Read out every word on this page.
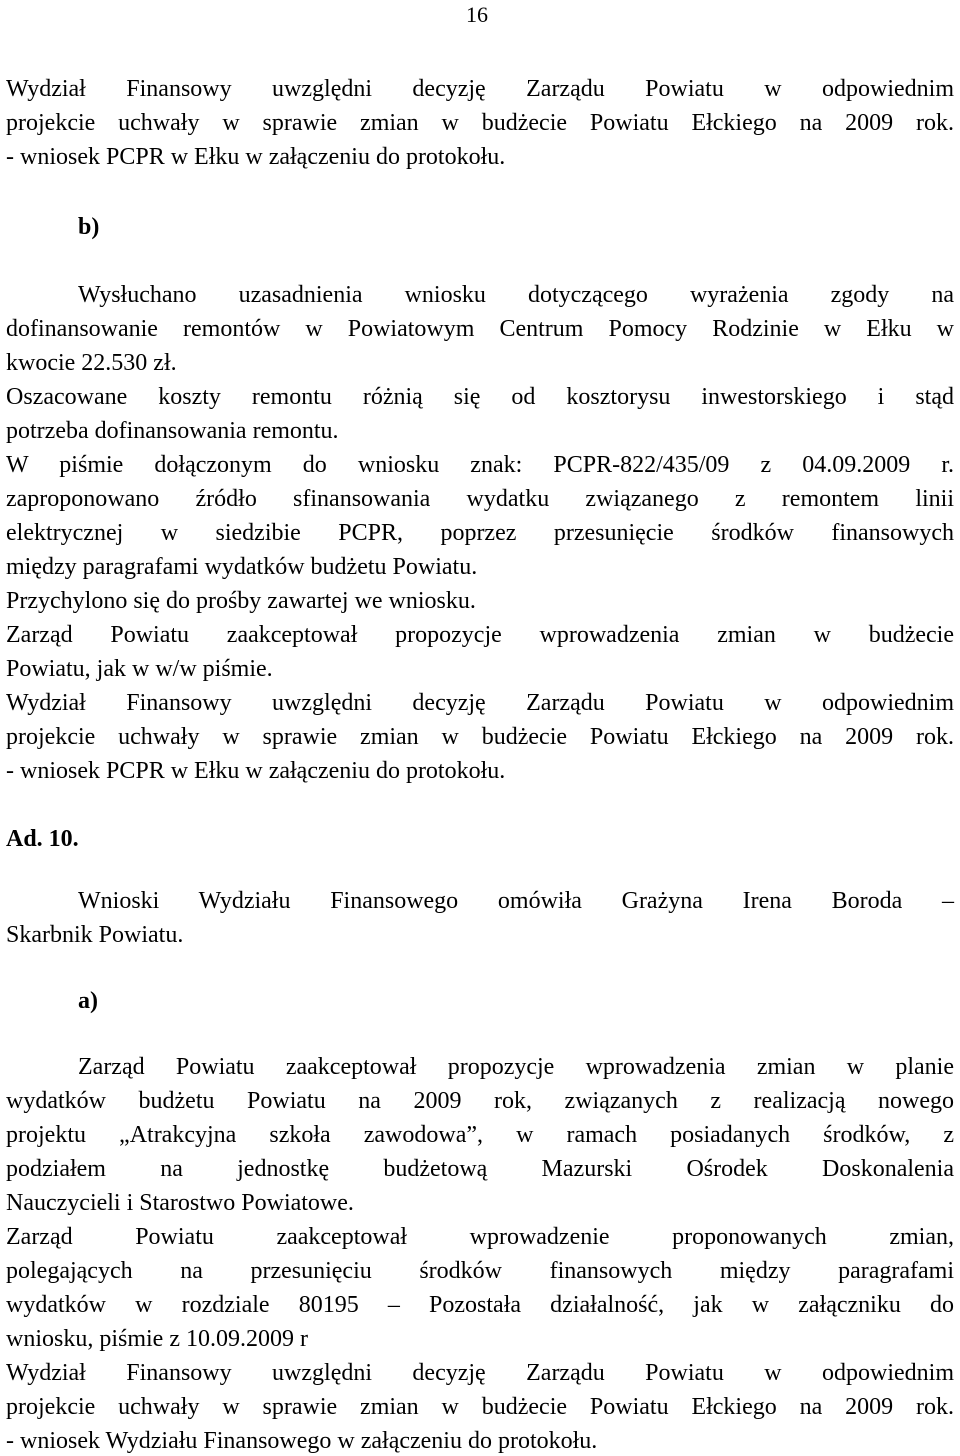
16
Wydział Finansowy uwzględni decyzję Zarządu Powiatu w odpowiednim
projekcie uchwały w sprawie zmian w budżecie Powiatu Ełckiego na 2009 rok.
- wniosek PCPR w Ełku w załączeniu do protokołu.
b)
Wysłuchano uzasadnienia wniosku dotyczącego wyrażenia zgody na
dofinansowanie remontów w Powiatowym Centrum Pomocy Rodzinie w Ełku w
kwocie 22.530 zł.
Oszacowane koszty remontu różnią się od kosztorysu inwestorskiego i stąd
potrzeba dofinansowania remontu.
W piśmie dołączonym do wniosku znak: PCPR-822/435/09 z 04.09.2009 r.
zaproponowano źródło sfinansowania wydatku związanego z remontem linii
elektrycznej w siedzibie PCPR, poprzez przesunięcie środków finansowych
między paragrafami wydatków budżetu Powiatu.
Przychylono się do prośby zawartej we wniosku.
Zarząd Powiatu zaakceptował propozycje wprowadzenia zmian w budżecie
Powiatu, jak w w/w piśmie.
Wydział Finansowy uwzględni decyzję Zarządu Powiatu w odpowiednim
projekcie uchwały w sprawie zmian w budżecie Powiatu Ełckiego na 2009 rok.
- wniosek PCPR w Ełku w załączeniu do protokołu.
Ad. 10.
Wnioski Wydziału Finansowego omówiła Grażyna Irena Boroda –
Skarbnik Powiatu.
a)
Zarząd Powiatu zaakceptował propozycje wprowadzenia zmian w planie
wydatków budżetu Powiatu na 2009 rok, związanych z realizacją nowego
projektu „Atrakcyjna szkoła zawodowa”, w ramach posiadanych środków, z
podziałem na jednostkę budżetową Mazurski Ośrodek Doskonalenia
Nauczycieli i Starostwo Powiatowe.
Zarząd Powiatu zaakceptował wprowadzenie proponowanych zmian,
polegających na przesunięciu środków finansowych między paragrafami
wydatków w rozdziale 80195 – Pozostała działalność, jak w załączniku do
wniosku, piśmie z 10.09.2009 r
Wydział Finansowy uwzględni decyzję Zarządu Powiatu w odpowiednim
projekcie uchwały w sprawie zmian w budżecie Powiatu Ełckiego na 2009 rok.
- wniosek Wydziału Finansowego w załączeniu do protokołu.
